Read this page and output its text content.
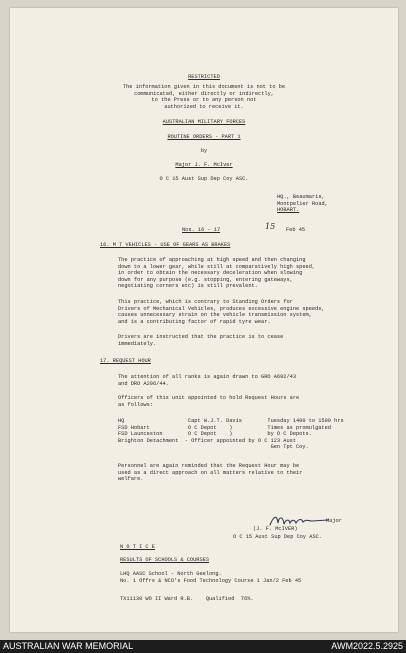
RESTRICTED
The information given in this document is not to be
communicated, either directly or indirectly,
to the Press or to any person not
authorized to receive it.
AUSTRALIAN MILITARY FORCES
ROUTINE ORDERS - PART 1
by
Major J. F. McIver
O C 15 Aust Sup Dep Coy ASC.
HQ., Beaumaris,
Montpelier Road,
HOBART.
Nos. 16 - 17	15 Feb 45
16. M T VEHICLES - USE OF GEARS AS BRAKES
The practice of approaching at high speed and then changing
down to a lower gear, while still at comparatively high speed,
in order to obtain the necessary deceleration when slowing
down for any purpose (e.g. stopping, entering gateways,
negotiating corners etc) is still prevalent.
This practice, which is contrary to Standing Orders for
Drivers of Mechanical Vehicles, produces excessive engine speeds,
causes unnecessary strain on the vehicle transmission system,
and is a contributing factor of rapid tyre wear.
Drivers are instructed that the practice is to cease
immediately.
17. REQUEST HOUR
The attention of all ranks is again drawn to GRO A692/43
and DRO A296/44.
Officers of this unit appointed to hold Request Hours are
as follows:
HQ                    Capt W.J.T. Davis        Tuesday 1400 to 1500 hrs
FSD Hobart            O C Depot    )           Times as promulgated
FSD Launceston        O C Depot    )           by O C Depots.
Brighton Detachment  - Officer appointed by O C 123 Aust
Gen Tpt Coy.
Personnel are again reminded that the Request Hour may be
used as a direct approach on all matters relative to their
welfare.
Major
(J. F. McIVER)
O C 15 Aust Sup Dep Coy ASC.
N O T I C E
RESULTS OF SCHOOLS & COURSES
LHQ AASC School - North Geelong.
No. 1 Offrs & NCO's Food Technology Course 1 Jan/2 Feb 45
TX11130 WO II Ward R.B.    Qualified  76%.
AUSTRALIAN WAR MEMORIAL	AWM2022.5.2925
